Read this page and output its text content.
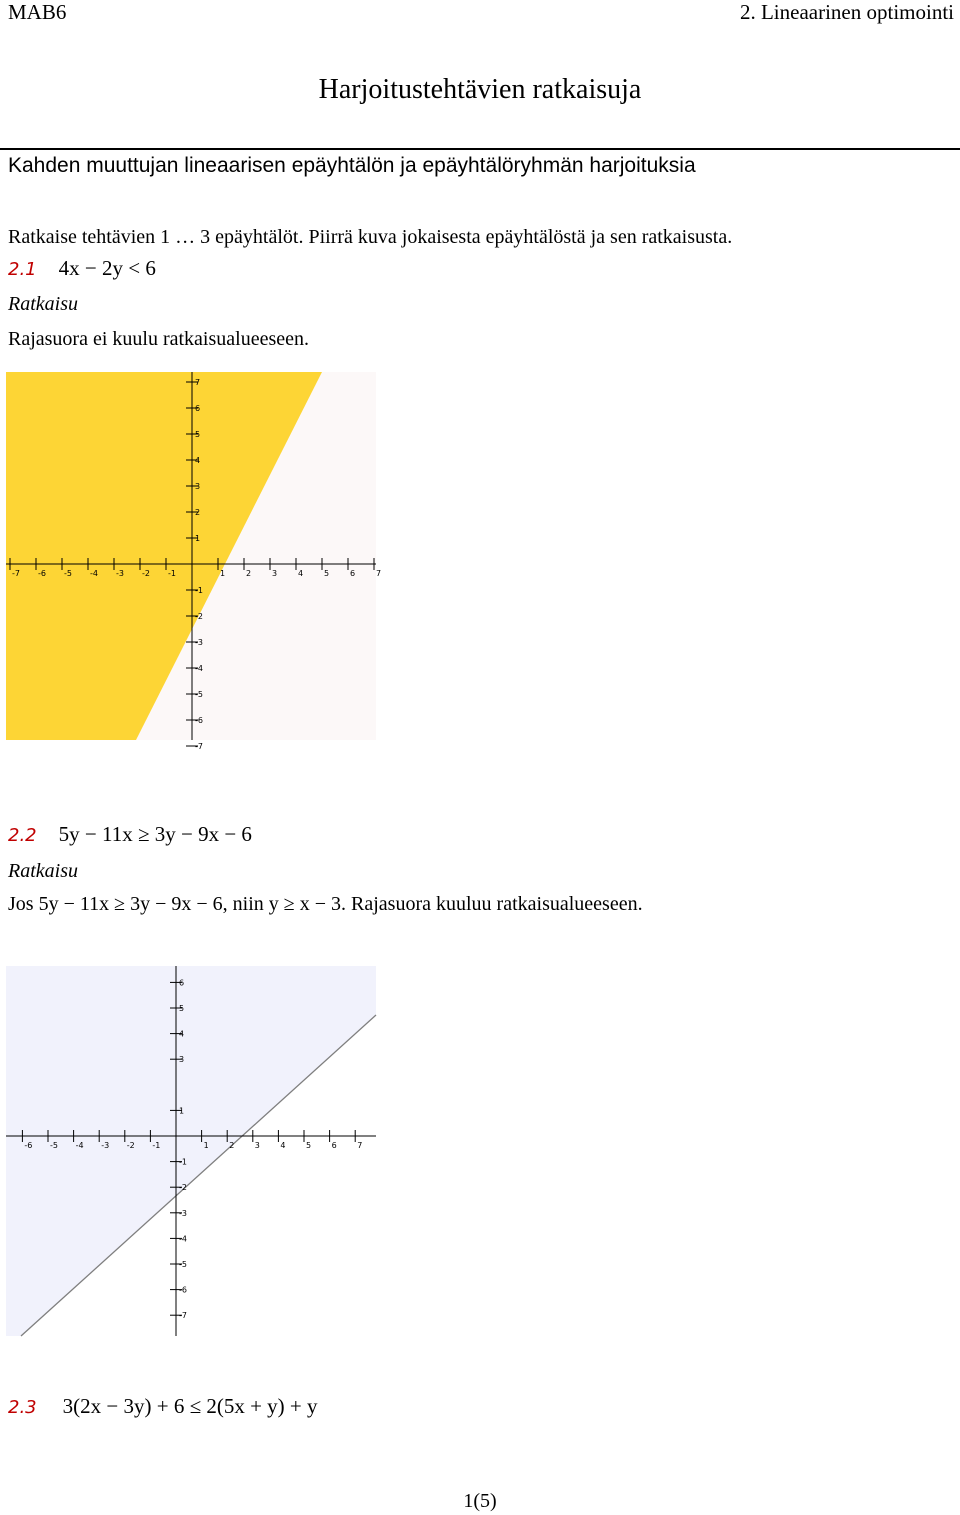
MAB6	2. Lineaarinen optimointi
Harjoitustehtävien ratkaisuja
Kahden muuttujan lineaarisen epäyhtälön ja epäyhtälöryhmän harjoituksia
Ratkaise tehtävien 1 … 3 epäyhtälöt. Piirrä kuva jokaisesta epäyhtälöstä ja sen ratkaisusta.
2.1 4x − 2y < 6
Ratkaisu
Rajasuora ei kuulu ratkaisualueeseen.
-7 -6 -5 -4 -3 -2 -1	1	2	3	4	5	6	7
7
6
5
4
3
2
1
-1
-2
-3
-4
-5
-6
-7
2.2 5y − 11x ≥ 3y − 9x − 6
Ratkaisu
Jos 5y − 11x ≥ 3y − 9x − 6, niin y ≥ x − 3. Rajasuora kuuluu ratkaisualueeseen.
-6 -5 -4 -3 -2 -1	1	2	3	4	5	6	7
6
5
4
3
1
-1
-2
-3
-4
-5
-6
-7
2.3 3(2x − 3y) + 6 ≤ 2(5x + y) + y
1(5)
